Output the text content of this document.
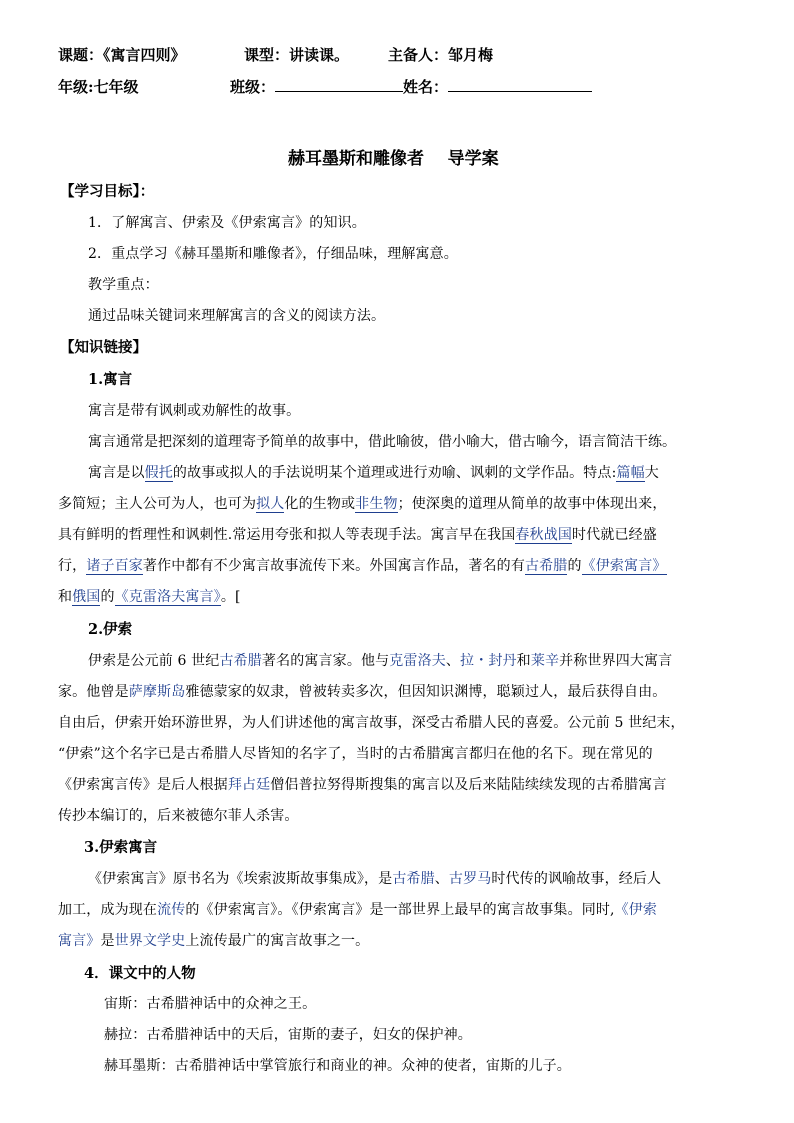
课题：《寓言四则》	课型：讲读课。	主备人：邹月梅
年级:七年级	班级：	姓名：
赫耳墨斯和雕像者    导学案
【学习目标】：
1．了解寓言、伊索及《伊索寓言》的知识。
2．重点学习《赫耳墨斯和雕像者》，仔细品味，理解寓意。
教学重点：
通过品味关键词来理解寓言的含义的阅读方法。
【知识链接】
1.寓言
寓言是带有讽刺或劝解性的故事。
寓言通常是把深刻的道理寄予简单的故事中，借此喻彼，借小喻大，借古喻今，语言简洁干练。
寓言是以假托的故事或拟人的手法说明某个道理或进行劝喻、讽刺的文学作品。特点:篇幅大
多简短；主人公可为人，也可为拟人化的生物或非生物；使深奥的道理从简单的故事中体现出来，
具有鲜明的哲理性和讽刺性.常运用夸张和拟人等表现手法。寓言早在我国春秋战国时代就已经盛
行，诸子百家著作中都有不少寓言故事流传下来。外国寓言作品，著名的有古希腊的《伊索寓言》
和俄国的《克雷洛夫寓言》。[
2.伊索
伊索是公元前 6 世纪古希腊著名的寓言家。他与克雷洛夫、拉・封丹和莱辛并称世界四大寓言
家。他曾是萨摩斯岛雅德蒙家的奴隶，曾被转卖多次，但因知识渊博，聪颖过人，最后获得自由。
自由后，伊索开始环游世界，为人们讲述他的寓言故事，深受古希腊人民的喜爱。公元前 5 世纪末，
“伊索”这个名字已是古希腊人尽皆知的名字了，当时的古希腊寓言都归在他的名下。现在常见的
《伊索寓言传》是后人根据拜占廷僧侣普拉努得斯搜集的寓言以及后来陆陆续续发现的古希腊寓言
传抄本编订的，后来被德尔菲人杀害。
3.伊索寓言
《伊索寓言》原书名为《埃索波斯故事集成》，是古希腊、古罗马时代传的讽喻故事，经后人
加工，成为现在流传的《伊索寓言》。《伊索寓言》是一部世界上最早的寓言故事集。同时,《伊索
寓言》是世界文学史上流传最广的寓言故事之一。
4．课文中的人物
宙斯：古希腊神话中的众神之王。
赫拉：古希腊神话中的天后，宙斯的妻子，妇女的保护神。
赫耳墨斯：古希腊神话中掌管旅行和商业的神。众神的使者，宙斯的儿子。
